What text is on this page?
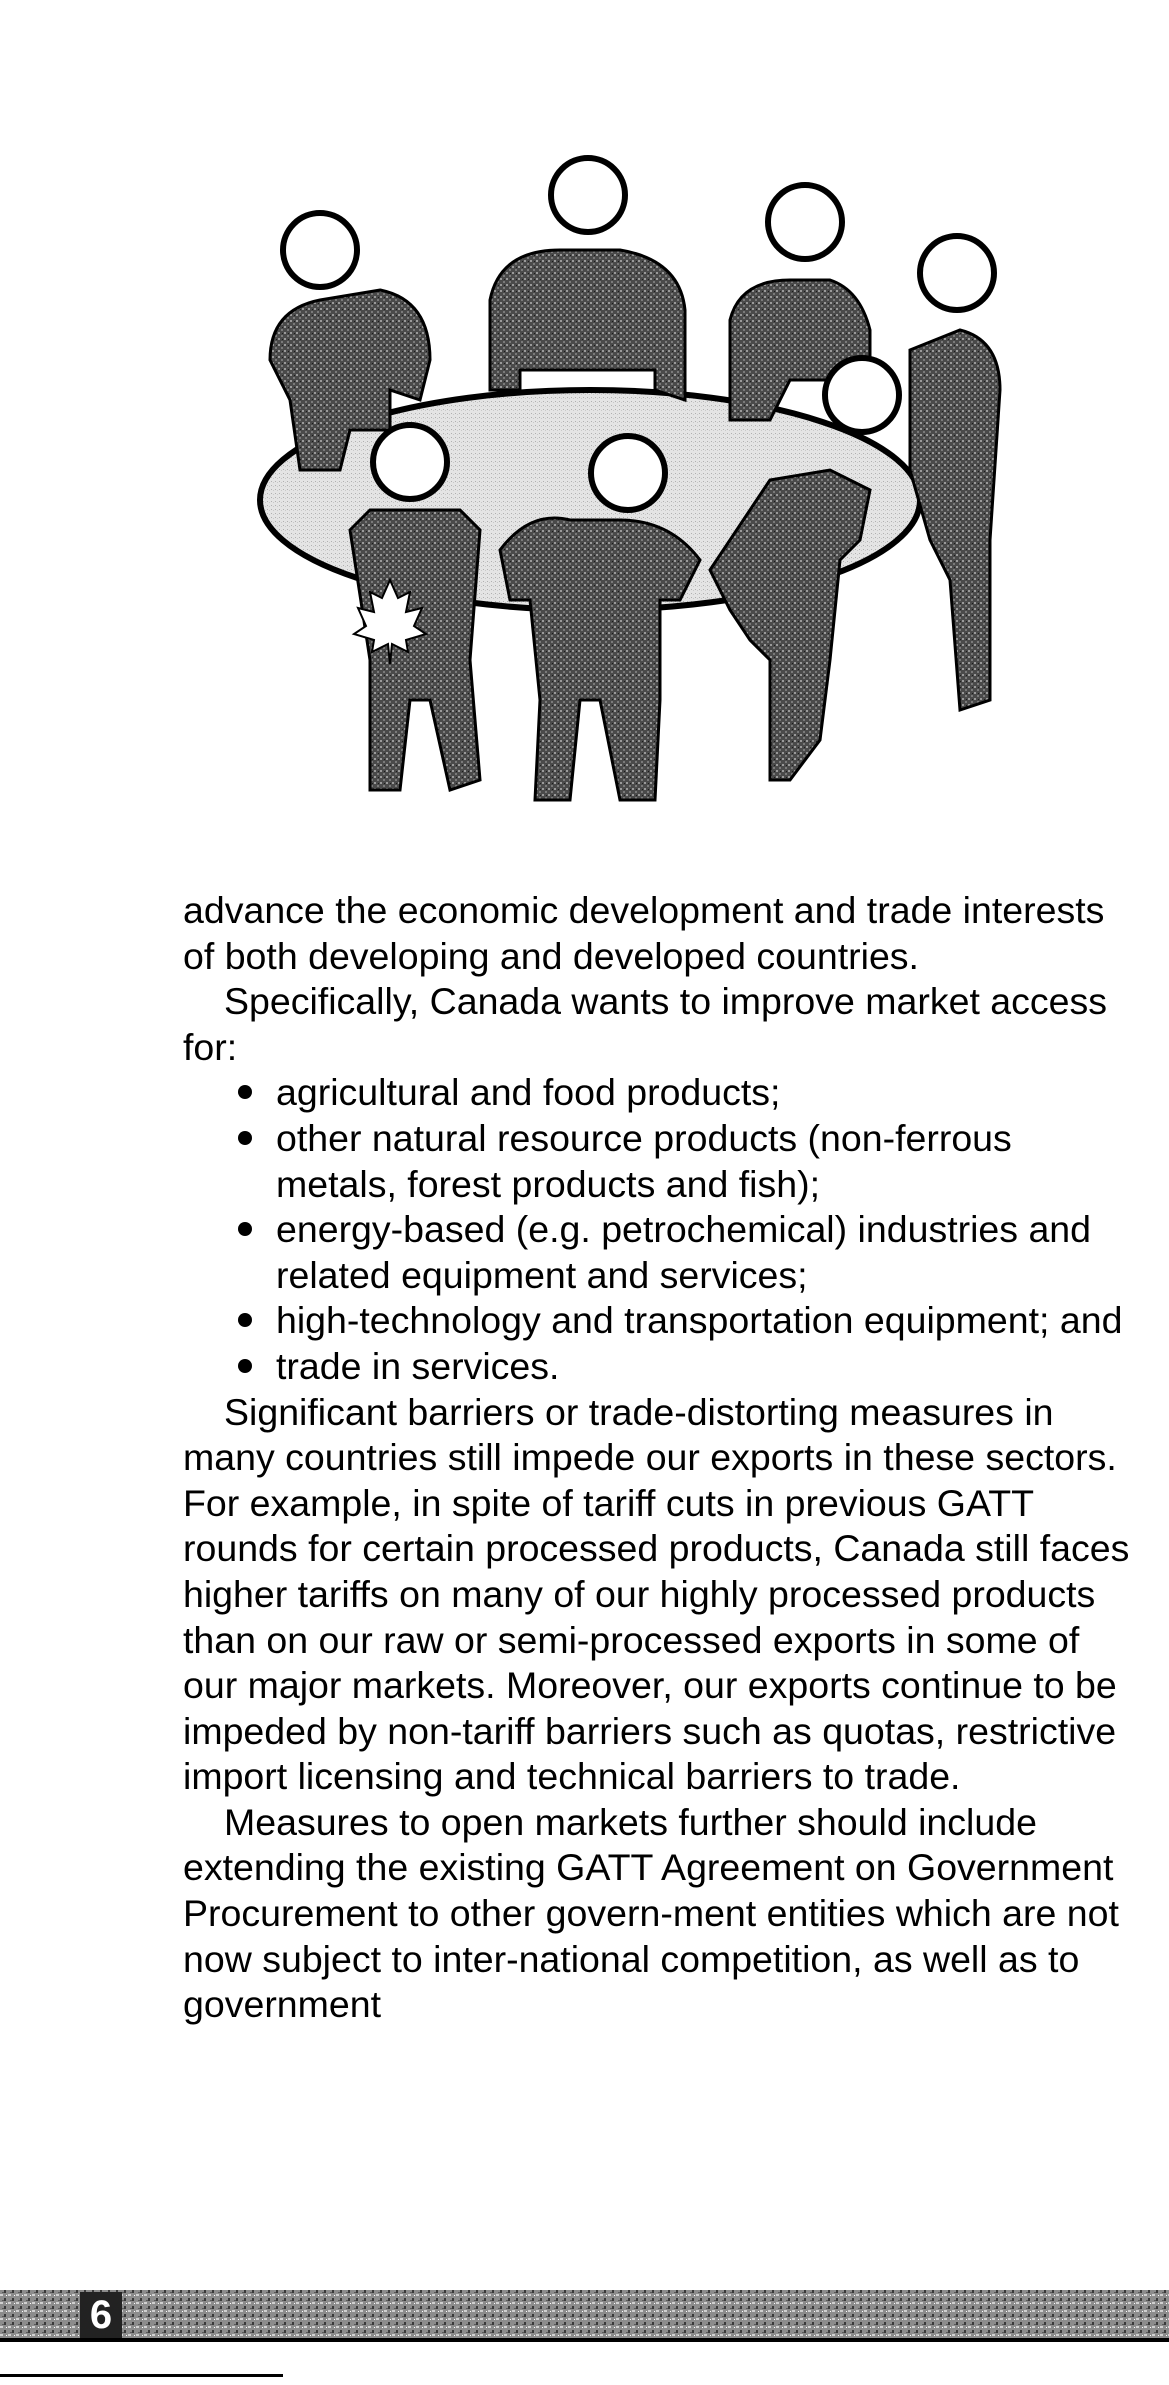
advance the economic development and trade interests of both developing and developed countries.

Specifically, Canada wants to improve market access for:

agricultural and food products;
other natural resource products (non-ferrous metals, forest products and fish);
energy-based (e.g. petrochemical) industries and related equipment and services;
high-technology and transportation equipment; and
trade in services.

Significant barriers or trade-distorting measures in many countries still impede our exports in these sectors. For example, in spite of tariff cuts in previous GATT rounds for certain processed products, Canada still faces higher tariffs on many of our highly processed products than on our raw or semi-processed exports in some of our major markets. Moreover, our exports continue to be impeded by non-tariff barriers such as quotas, restrictive import licensing and technical barriers to trade.

Measures to open markets further should include extending the existing GATT Agreement on Government Procurement to other govern-ment entities which are not now subject to inter-national competition, as well as to government

6
